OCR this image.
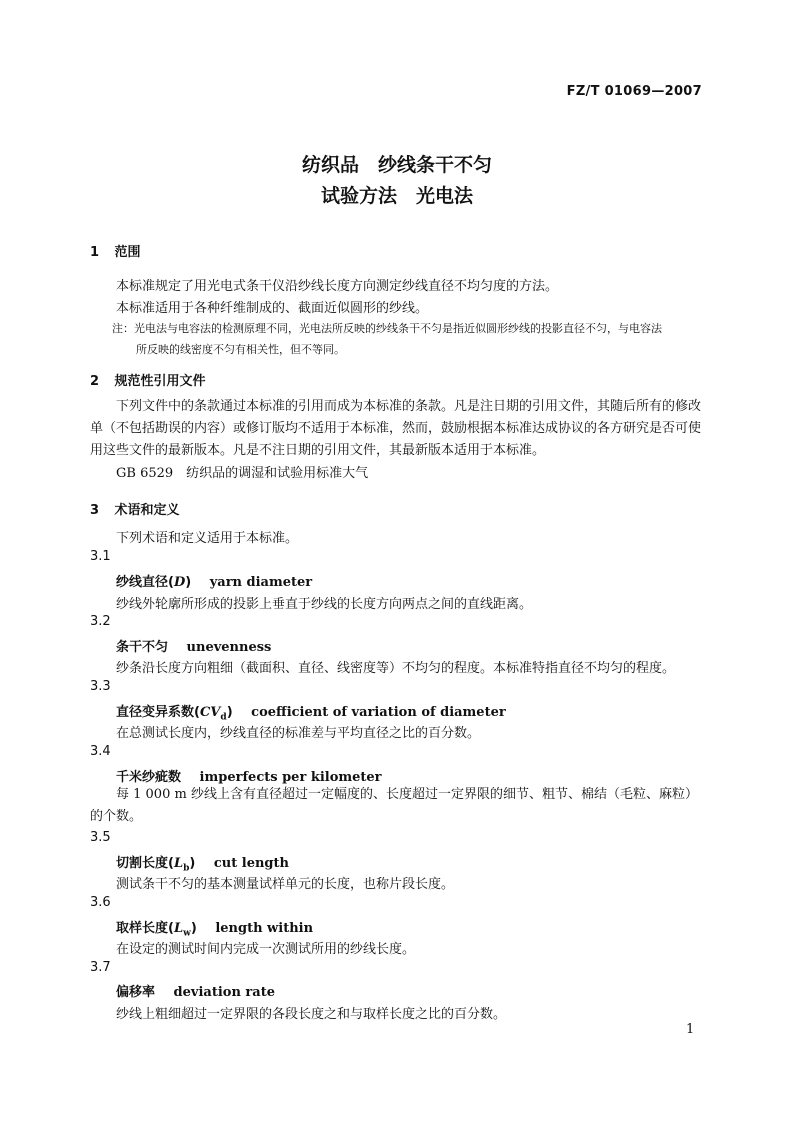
FZ/T 01069—2007
纺织品　纱线条干不匀
试验方法　光电法
1 范围
本标准规定了用光电式条干仪沿纱线长度方向测定纱线直径不均匀度的方法。
本标准适用于各种纤维制成的、截面近似圆形的纱线。
注：光电法与电容法的检测原理不同，光电法所反映的纱线条干不匀是指近似圆形纱线的投影直径不匀，与电容法
所反映的线密度不匀有相关性，但不等同。
2 规范性引用文件
下列文件中的条款通过本标准的引用而成为本标准的条款。凡是注日期的引用文件，其随后所有的修改单（不包括勘误的内容）或修订版均不适用于本标准，然而，鼓励根据本标准达成协议的各方研究是否可使用这些文件的最新版本。凡是不注日期的引用文件，其最新版本适用于本标准。
GB 6529　纺织品的调湿和试验用标准大气
3 术语和定义
下列术语和定义适用于本标准。
3.1
纱线直径(D) yarn diameter
纱线外轮廓所形成的投影上垂直于纱线的长度方向两点之间的直线距离。
3.2
条干不匀 unevenness
纱条沿长度方向粗细（截面积、直径、线密度等）不均匀的程度。本标准特指直径不均匀的程度。
3.3
直径变异系数$(CV_d)$ coefficient of variation of diameter
在总测试长度内，纱线直径的标准差与平均直径之比的百分数。
3.4
千米纱疵数 imperfects per kilometer
每 1 000 m 纱线上含有直径超过一定幅度的、长度超过一定界限的细节、粗节、棉结（毛粒、麻粒）的个数。
3.5
切割长度$(L_b)$ cut length
测试条干不匀的基本测量试样单元的长度，也称片段长度。
3.6
取样长度$(L_w)$ length within
在设定的测试时间内完成一次测试所用的纱线长度。
3.7
偏移率 deviation rate
纱线上粗细超过一定界限的各段长度之和与取样长度之比的百分数。
1
